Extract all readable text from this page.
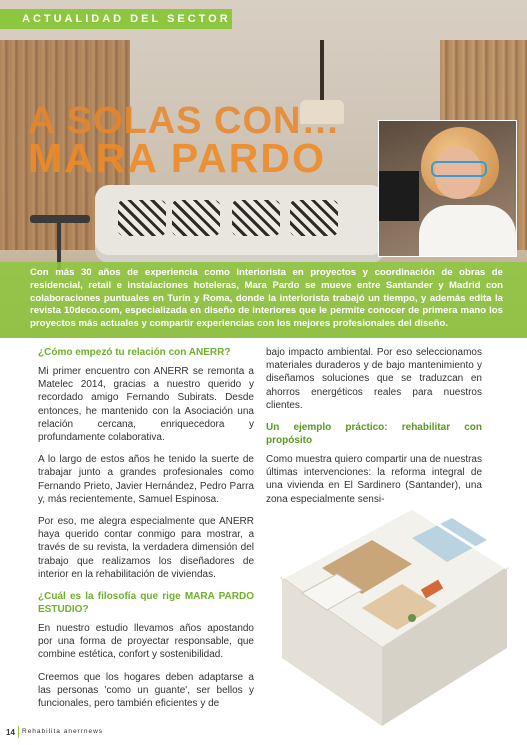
ACTUALIDAD DEL SECTOR
A SOLAS CON…
MARA PARDO
Con más 30 años de experiencia como interiorista en proyectos y coordinación de obras de residencial, retail e instalaciones hoteleras, Mara Pardo se mueve entre Santander y Madrid con colaboraciones puntuales en Turín y Roma, donde la interiorista trabajó un tiempo, y además edita la revista 10deco.com, especializada en diseño de interiores que le permite conocer de primera mano los proyectos más actuales y compartir experiencias con los mejores profesionales del diseño.
¿Cómo empezó tu relación con ANERR?

Mi primer encuentro con ANERR se remonta a Matelec 2014, gracias a nuestro querido y recordado amigo Fernando Subirats. Desde entonces, he mantenido con la Asociación una relación cercana, enriquecedora y profundamente colaborativa.

A lo largo de estos años he tenido la suerte de trabajar junto a grandes profesionales como Fernando Prieto, Javier Hernández, Pedro Parra y, más recientemente, Samuel Espinosa.

Por eso, me alegra especialmente que ANERR haya querido contar conmigo para mostrar, a través de su revista, la verdadera dimensión del trabajo que realizamos los diseñadores de interior en la rehabilitación de viviendas.

¿Cuál es la filosofía que rige MARA PARDO ESTUDIO?

En nuestro estudio llevamos años apostando por una forma de proyectar responsable, que combine estética, confort y sostenibilidad.

Creemos que los hogares deben adaptarse a las personas 'como un guante', ser bellos y funcionales, pero también eficientes y de

bajo impacto ambiental. Por eso seleccionamos materiales duraderos y de bajo mantenimiento y diseñamos soluciones que se traduzcan en ahorros energéticos reales para nuestros clientes.

Un ejemplo práctico: rehabilitar con propósito

Como muestra quiero compartir una de nuestras últimas intervenciones: la reforma integral de una vivienda en El Sardinero (Santander), una zona especialmente sensi-

14 Rehabilita anerrnews
